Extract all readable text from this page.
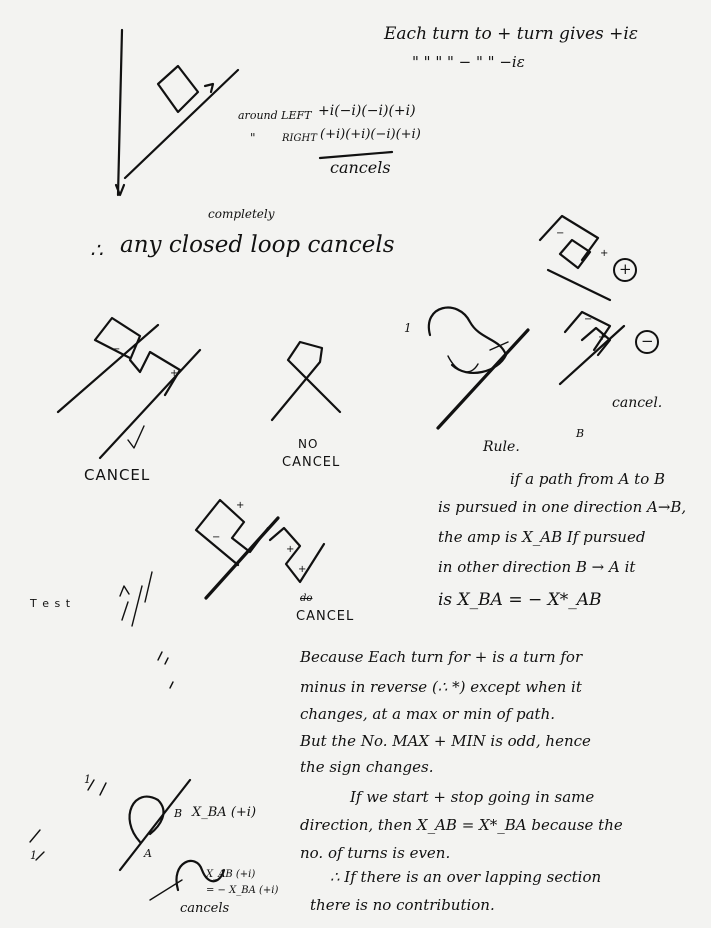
−
+
−
+
−
+
+
−
+
+
Each turn to + turn gives +iε
" " " " − " " −iε
around LEFT +i(−i)(−i)(+i)
"	RIGHT (+i)(+i)(−i)(+i)
cancels
∴ any closed loop cancels
completely
CANCEL
NO
CANCEL
+
−
cancel.
1
B
Rule.
if a path from A to B
is pursued in one direction A→B,
the amp is X_AB If pursued
in other direction B → A it
is X_BA = − X*_AB
T e s t
CANCEL
do
Because Each turn for + is a turn for
minus in reverse (∴ *) except when it
changes, at a max or min of path.
But the No. MAX + MIN is odd, hence
the sign changes.
If we start + stop going in same
direction, then X_AB = X*_BA because the
no. of turns is even.
∴ If there is an over lapping section
there is no contribution.
B X_BA (+i)
A
X_AB (+i)
= − X_BA (+i)
cancels
1
1
